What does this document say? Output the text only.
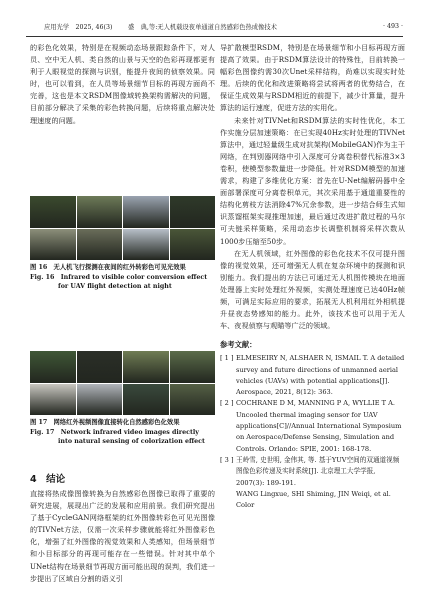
应用光学　2025, 46(3)	盛　典,等:无人机载设夜单通道自然感彩色热成像技术	· 493 ·

的彩色化效果，特别是在视频动态场景跟踪条件下，对人员、空中无人机、类自然的山景与天空的色彩再现都更有利于人眼视觉的探测与识别，能提升夜间的侦察效果。同时，也可以看到，在人员等场景细节目标的再现方面尚不完善，这也是本文RSDM图像域转换架构需解决的问题，目前部分解决了采集的彩色转换问题，后续将重点解决处理速度的问题。

图 16　无人机飞行探测在夜间的红外转彩色可见光效果

Fig. 16　Infrared to visible color conversion effect for UAV flight detection at night

图 17　网络红外视频图像直接转化自然感彩色化效果

Fig. 17　Network infrared video images directly into natural sensing of colorization effect

4　结论

直接将热成像图像转换为自然感彩色图像已取得了重要的研究进展，展现出广泛的发展和应用前景。我们研究提出了基于CycleGAN网络框架的红外图像转彩色可见光图像的TIVNet方法，仅需一次采样步骤就能将红外图像彩色化，增强了红外图像的视觉效果和人类感知，但场景细节和小目标部分的再现可能存在一些错误。针对其中单个UNet结构在场景细节再现方面可能出现的误判，我们进一步提出了区域自分割的语义引

导扩散模型RSDM，特别是在场景细节和小目标再现方面提高了效果。由于RSDM算法设计的特殊性，目前转换一幅彩色图像约需30次Unet采样结构，尚难以实现实时处理。后续的优化和改进策略将尝试将两者的优势结合，在保证生成效果与RSDM相近的前提下，减少计算量，提升算法的运行速度，促进方法的实用化。

未来针对TIVNet和RSDM算法的实时性优化，本工作实施分层加速策略：在已实现40Hz实时处理的TIVNet算法中，通过轻量级生成对抗架构(MobileGAN)作为主干网络，在判别器网络中引入深度可分离卷积替代标准3×3卷积，使模型参数量进一步降低。针对RSDM模型的加速需求，构建了多维优化方案：首先在U-Net编解码器中全面部署深度可分离卷积单元，其次采用基于通道重要性的结构化剪枝方法消除47%冗余参数，进一步结合师生式知识蒸馏框架实现推理加速，最后通过改进扩散过程的马尔可夫链采样策略，采用动态步长调整机制将采样次数从1000步压缩至50步。

在无人机领域，红外图像的彩色化技术不仅可提升图像的视觉效果，还可增强无人机在复杂环境中的探测和识别能力。我们提出的方法已可通过无人机图传模块在地面处理器上实时处理红外视频，实测处理速度已达40Hz帧频，可满足实际应用的要求，拓展无人机利用红外相机提升昼夜态势感知的能力。此外，该技术也可以用于无人车、夜视侦察与观瞄等广泛的领域。

参考文献：

[ 1 ] ELMESEIRY N, ALSHAER N, ISMAIL T. A detailed survey and future directions of unmanned aerial vehicles (UAVs) with potential applications[J]. Aerospace, 2021, 8(12): 363.
[ 2 ] COCHRANE D M, MANNING P A, WYLLIE T A. Uncooled thermal imaging sensor for UAV applications[C]//Annual International Symposium on Aerospace/Defense Sensing, Simulation and Controls. Orlando: SPIE, 2001: 168-178.
[ 3 ] 王岭雪, 史世明, 金伟其, 等. 基于YUV空间的双通道视频图像色彩传递及实时系统[J]. 北京理工大学学报, 2007(3): 189-191.
WANG Lingxue, SHI Shiming, JIN Weiqi, et al. Color
